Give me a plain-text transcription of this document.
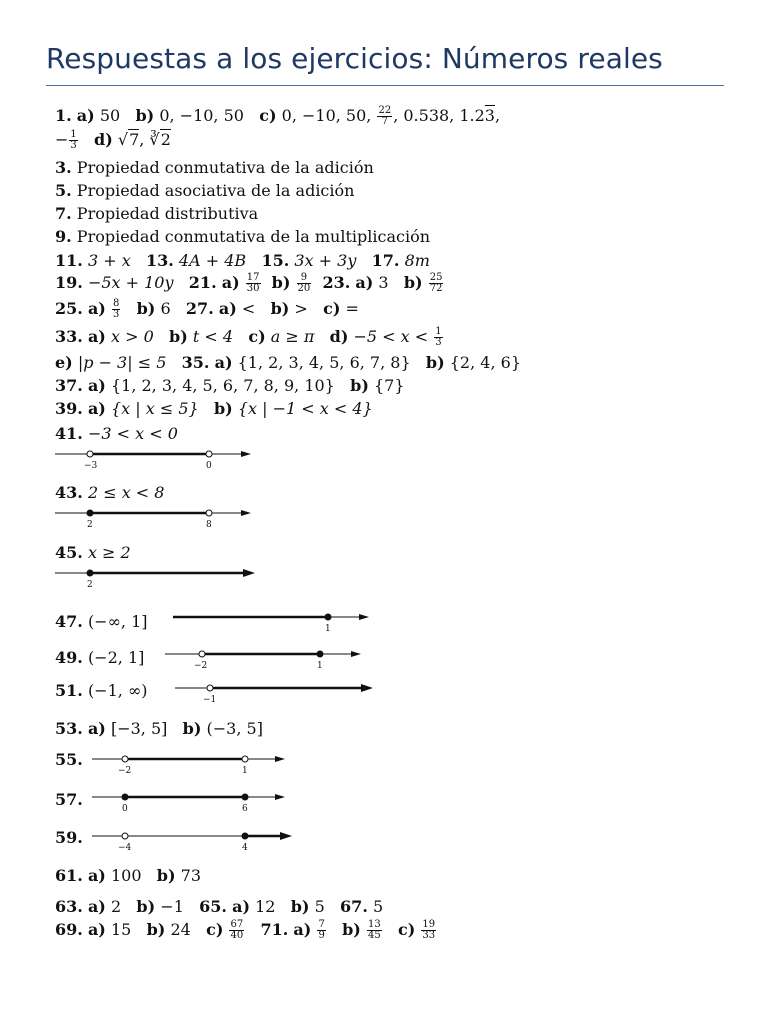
Respuestas a los ejercicios: Números reales
1. a) 50 b) 0, −10, 50 c) 0, −10, 50, $\frac{22}{7}$ , 0.538, 1.23,
− $\frac{1}{3} d$) √7, ∛2
3. Propiedad conmutativa de la adición
5. Propiedad asociativa de la adición
7. Propiedad distributiva
9. Propiedad conmutativa de la multiplicación
11. 3 + x 13. 4A + 4B 15. 3x + 3y 17. 8m
19. −5x + 10y 21. $a) \frac{17}{30} b) \frac{9}{20} 23$. a) 3 $b) \frac{25}{72}$
25. $a) \frac{8}{3} b$) 6 27. a) < b) > c) =
33. a) x > 0 b) t < 4 c) a ≥ π $d) -5 < x < \frac{1}{3}$
e) |p − 3| ≤ 5 35. a) {1, 2, 3, 4, 5, 6, 7, 8} b) {2, 4, 6}
37. a) {1, 2, 3, 4, 5, 6, 7, 8, 9, 10} b) {7}
39. a) {x | x ≤ 5} b) {x | −1 < x < 4}
41. −3 < x < 0
−3	0
43. 2 ≤ x < 8
2	8
45. x ≥ 2
2
47. (−∞, 1]	1
49. (−2, 1]	−2	1
51. (−1, ∞)	−1
53. a) [−3, 5] b) (−3, 5]
55.
−2	1
57.	0	6
59.
−4	4
61. a) 100 b) 73
63. a) 2 b) −1 65. a) 12 b) 5 67. 5
69. a) 15 b) 24 $c) \frac{67}{40} 71$. $a) \frac{7}{9} b) \frac{13}{45} c) \frac{19}{33}$
